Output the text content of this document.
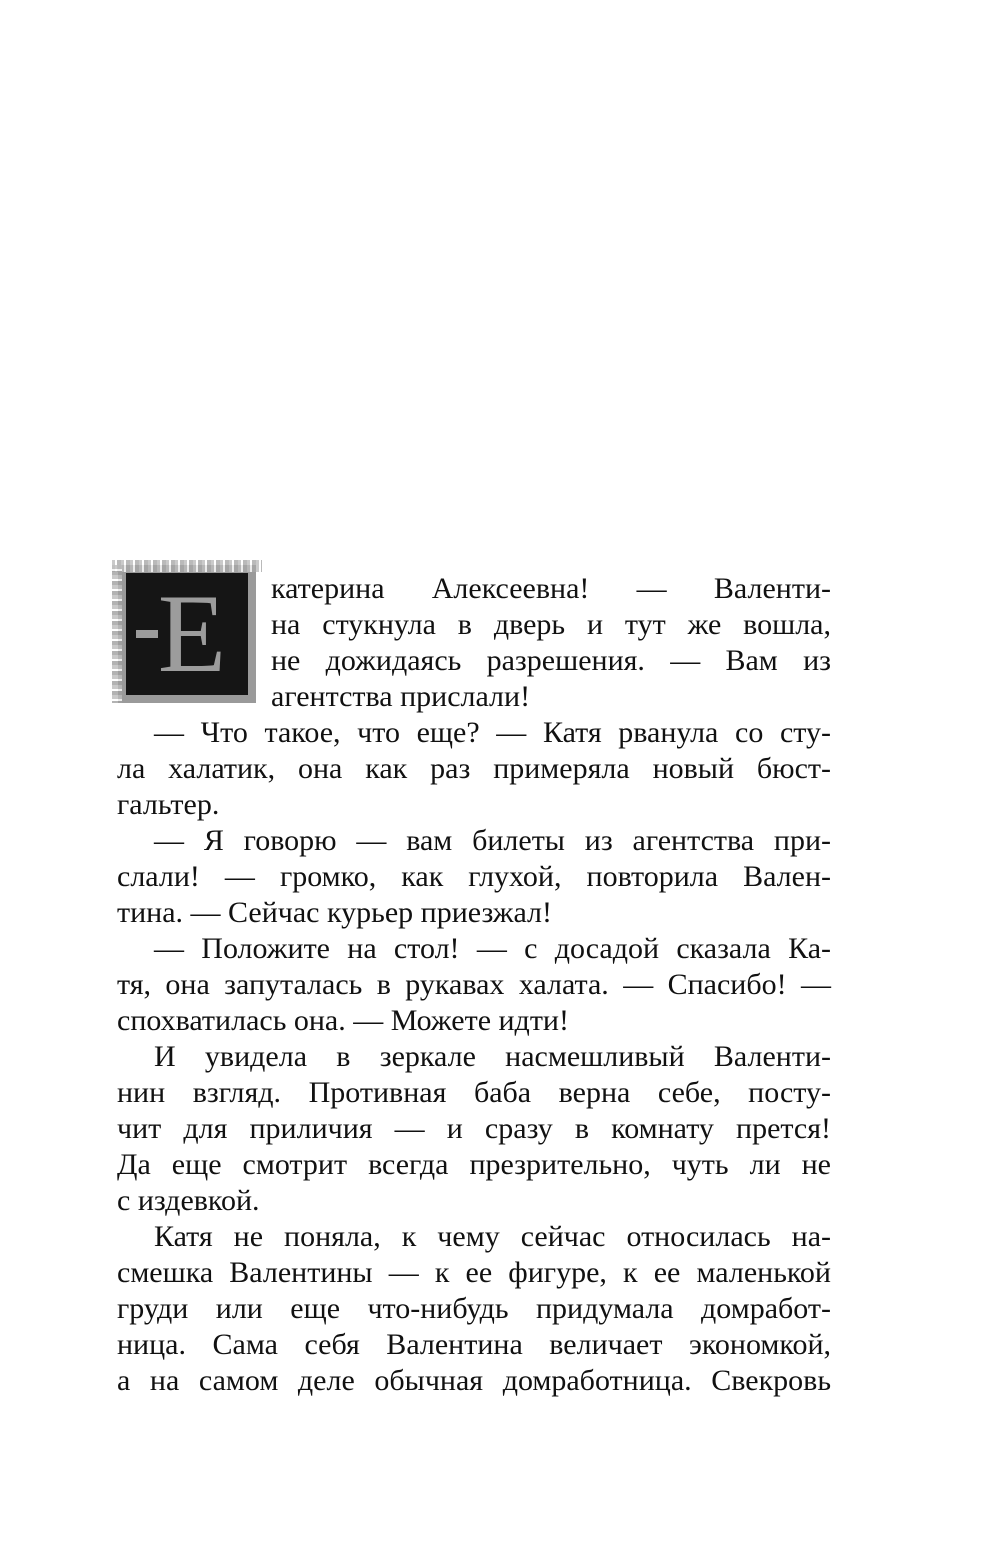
Е	катерина Алексеевна! — Валенти-
на стукнула в дверь и тут же вошла,
не дожидаясь разрешения. — Вам из
агентства прислали!
— Что такое, что еще? — Катя рванула со сту-
ла халатик, она как раз примеряла новый бюст-
гальтер.
— Я говорю — вам билеты из агентства при-
слали! — громко, как глухой, повторила Вален-
тина. — Сейчас курьер приезжал!
— Положите на стол! — с досадой сказала Ка-
тя, она запуталась в рукавах халата. — Спасибо! —
спохватилась она. — Можете идти!
И увидела в зеркале насмешливый Валенти-
нин взгляд. Противная баба верна себе, посту-
чит для приличия — и сразу в комнату прется!
Да еще смотрит всегда презрительно, чуть ли не
с издевкой.
Катя не поняла, к чему сейчас относилась на-
смешка Валентины — к ее фигуре, к ее маленькой
груди или еще что-нибудь придумала домработ-
ница. Сама себя Валентина величает экономкой,
а на самом деле обычная домработница. Свекровь
